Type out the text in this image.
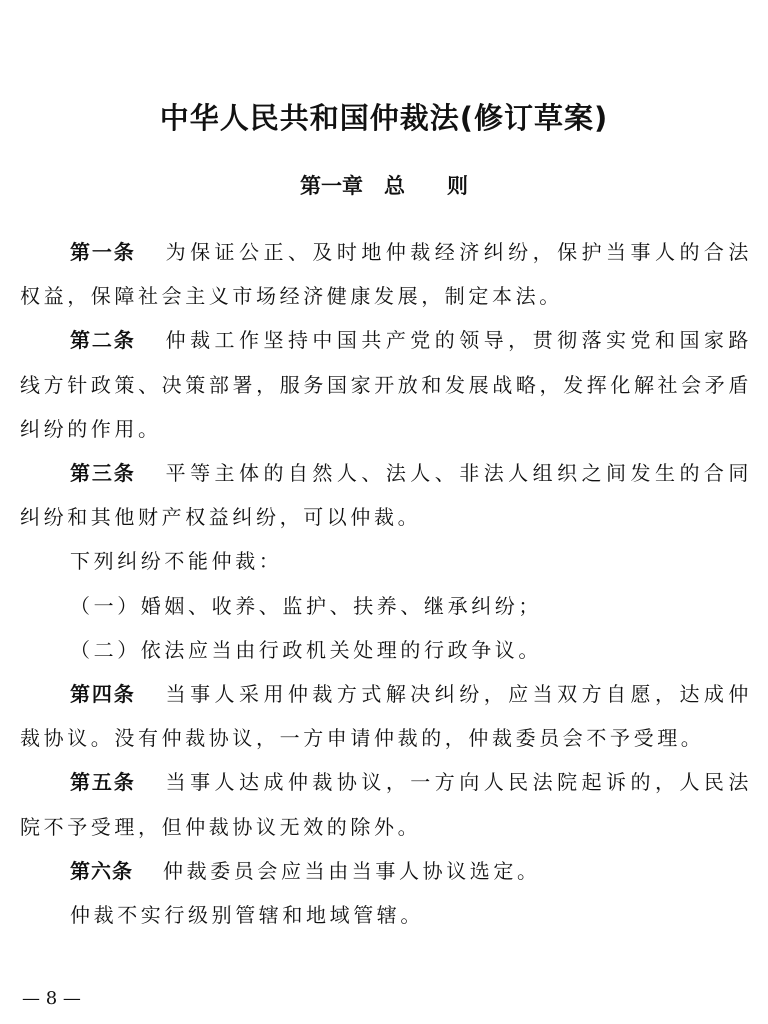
中华人民共和国仲裁法(修订草案)
第一章　总　　则

第一条 为保证公正、及时地仲裁经济纠纷，保护当事人的合法权益，保障社会主义市场经济健康发展，制定本法。

第二条 仲裁工作坚持中国共产党的领导，贯彻落实党和国家路线方针政策、决策部署，服务国家开放和发展战略，发挥化解社会矛盾纠纷的作用。

第三条 平等主体的自然人、法人、非法人组织之间发生的合同纠纷和其他财产权益纠纷，可以仲裁。

下列纠纷不能仲裁：

（一）婚姻、收养、监护、扶养、继承纠纷；

（二）依法应当由行政机关处理的行政争议。

第四条 当事人采用仲裁方式解决纠纷，应当双方自愿，达成仲裁协议。没有仲裁协议，一方申请仲裁的，仲裁委员会不予受理。

第五条 当事人达成仲裁协议，一方向人民法院起诉的，人民法院不予受理，但仲裁协议无效的除外。

第六条 仲裁委员会应当由当事人协议选定。

仲裁不实行级别管辖和地域管辖。

— 8 —
